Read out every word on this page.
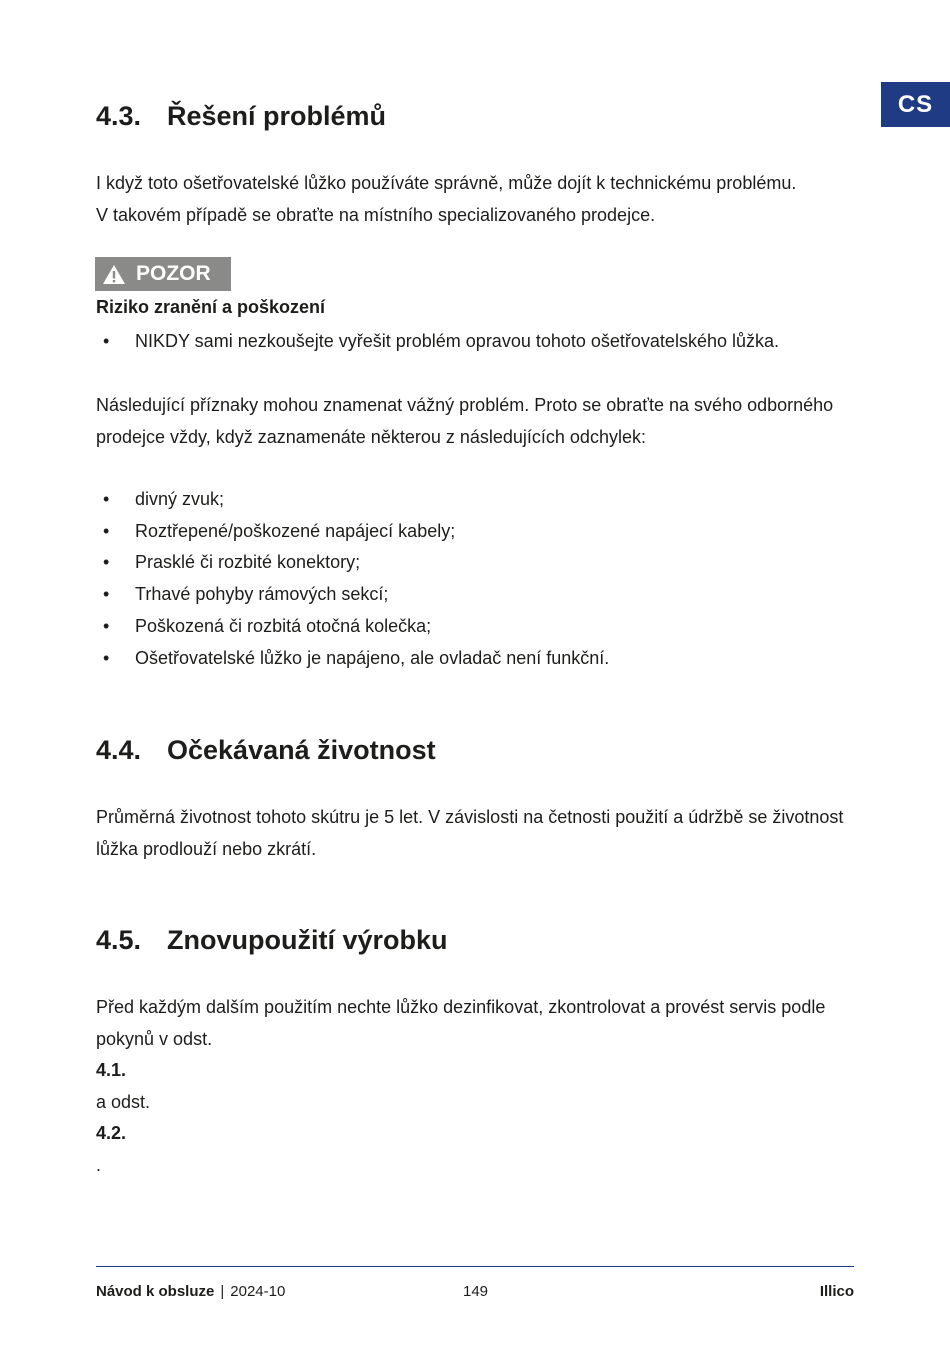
CS
4.3. Řešení problémů

I když toto ošetřovatelské lůžko používáte správně, může dojít k technickému problému.
V takovém případě se obraťte na místního specializovaného prodejce.

POZOR

Riziko zranění a poškození

• NIKDY sami nezkoušejte vyřešit problém opravou tohoto ošetřovatelského lůžka.

Následující příznaky mohou znamenat vážný problém. Proto se obraťte na svého odborného
prodejce vždy, když zaznamenáte některou z následujících odchylek:

• divný zvuk;
• Roztřepené/poškozené napájecí kabely;
• Prasklé či rozbité konektory;
• Trhavé pohyby rámových sekcí;
• Poškozená či rozbitá otočná kolečka;
• Ošetřovatelské lůžko je napájeno, ale ovladač není funkční.
4.4. Očekávaná životnost

Průměrná životnost tohoto skútru je 5 let. V závislosti na četnosti použití a údržbě se životnost
lůžka prodlouží nebo zkrátí.

4.5. Znovupoužití výrobku

Před každým dalším použitím nechte lůžko dezinfikovat, zkontrolovat a provést servis podle
pokynů v odst.
4.1.
a odst.
4.2.
.

Návod k obsluze | 2024-10	149	Illico
